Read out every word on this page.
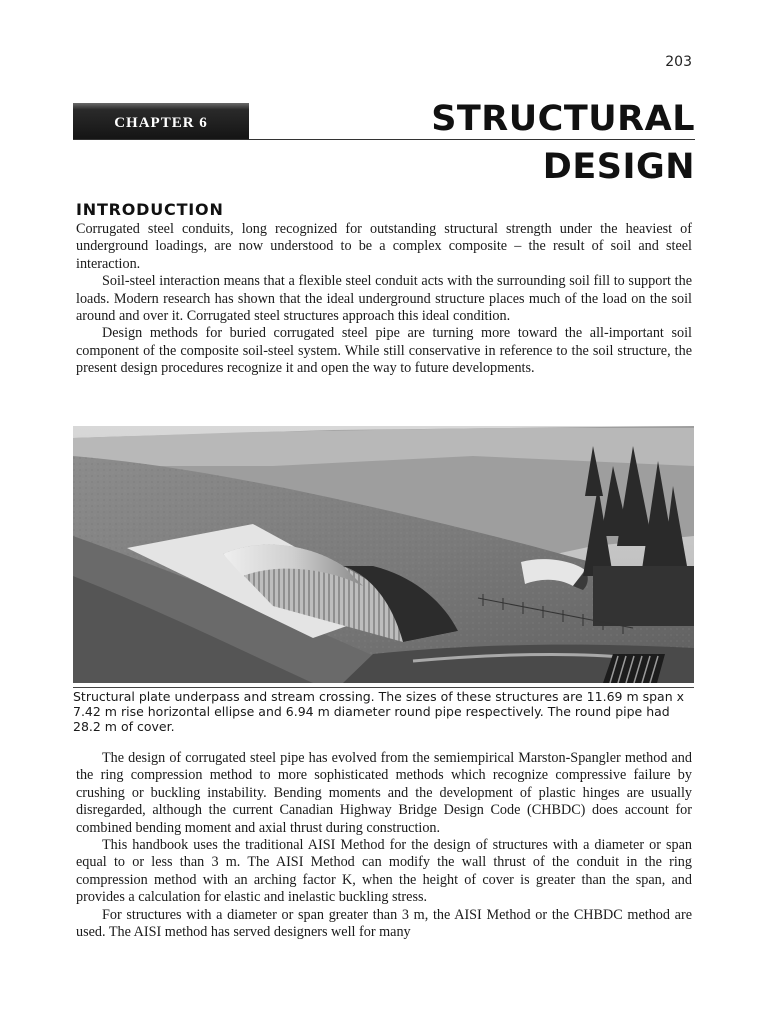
203
CHAPTER 6	STRUCTURAL
DESIGN
INTRODUCTION

Corrugated steel conduits, long recognized for outstanding structural strength under the heaviest of underground loadings, are now understood to be a complex composite – the result of soil and steel interaction.

Soil-steel interaction means that a flexible steel conduit acts with the surrounding soil fill to support the loads. Modern research has shown that the ideal underground structure places much of the load on the soil around and over it. Corrugated steel structures approach this ideal condition.

Design methods for buried corrugated steel pipe are turning more toward the all-important soil component of the composite soil-steel system. While still conservative in reference to the soil structure, the present design procedures recognize it and open the way to future developments.

Structural plate underpass and stream crossing. The sizes of these structures are 11.69 m span x 7.42 m rise horizontal ellipse and 6.94 m diameter round pipe respectively. The round pipe had 28.2 m of cover.

The design of corrugated steel pipe has evolved from the semiempirical Marston-Spangler method and the ring compression method to more sophisticated methods which recognize compressive failure by crushing or buckling instability. Bending moments and the development of plastic hinges are usually disregarded, although the current Canadian Highway Bridge Design Code (CHBDC) does account for combined bending moment and axial thrust during construction.

This handbook uses the traditional AISI Method for the design of structures with a diameter or span equal to or less than 3 m. The AISI Method can modify the wall thrust of the conduit in the ring compression method with an arching factor K, when the height of cover is greater than the span, and provides a calculation for elastic and inelastic buckling stress.

For structures with a diameter or span greater than 3 m, the AISI Method or the CHBDC method are used. The AISI method has served designers well for many
